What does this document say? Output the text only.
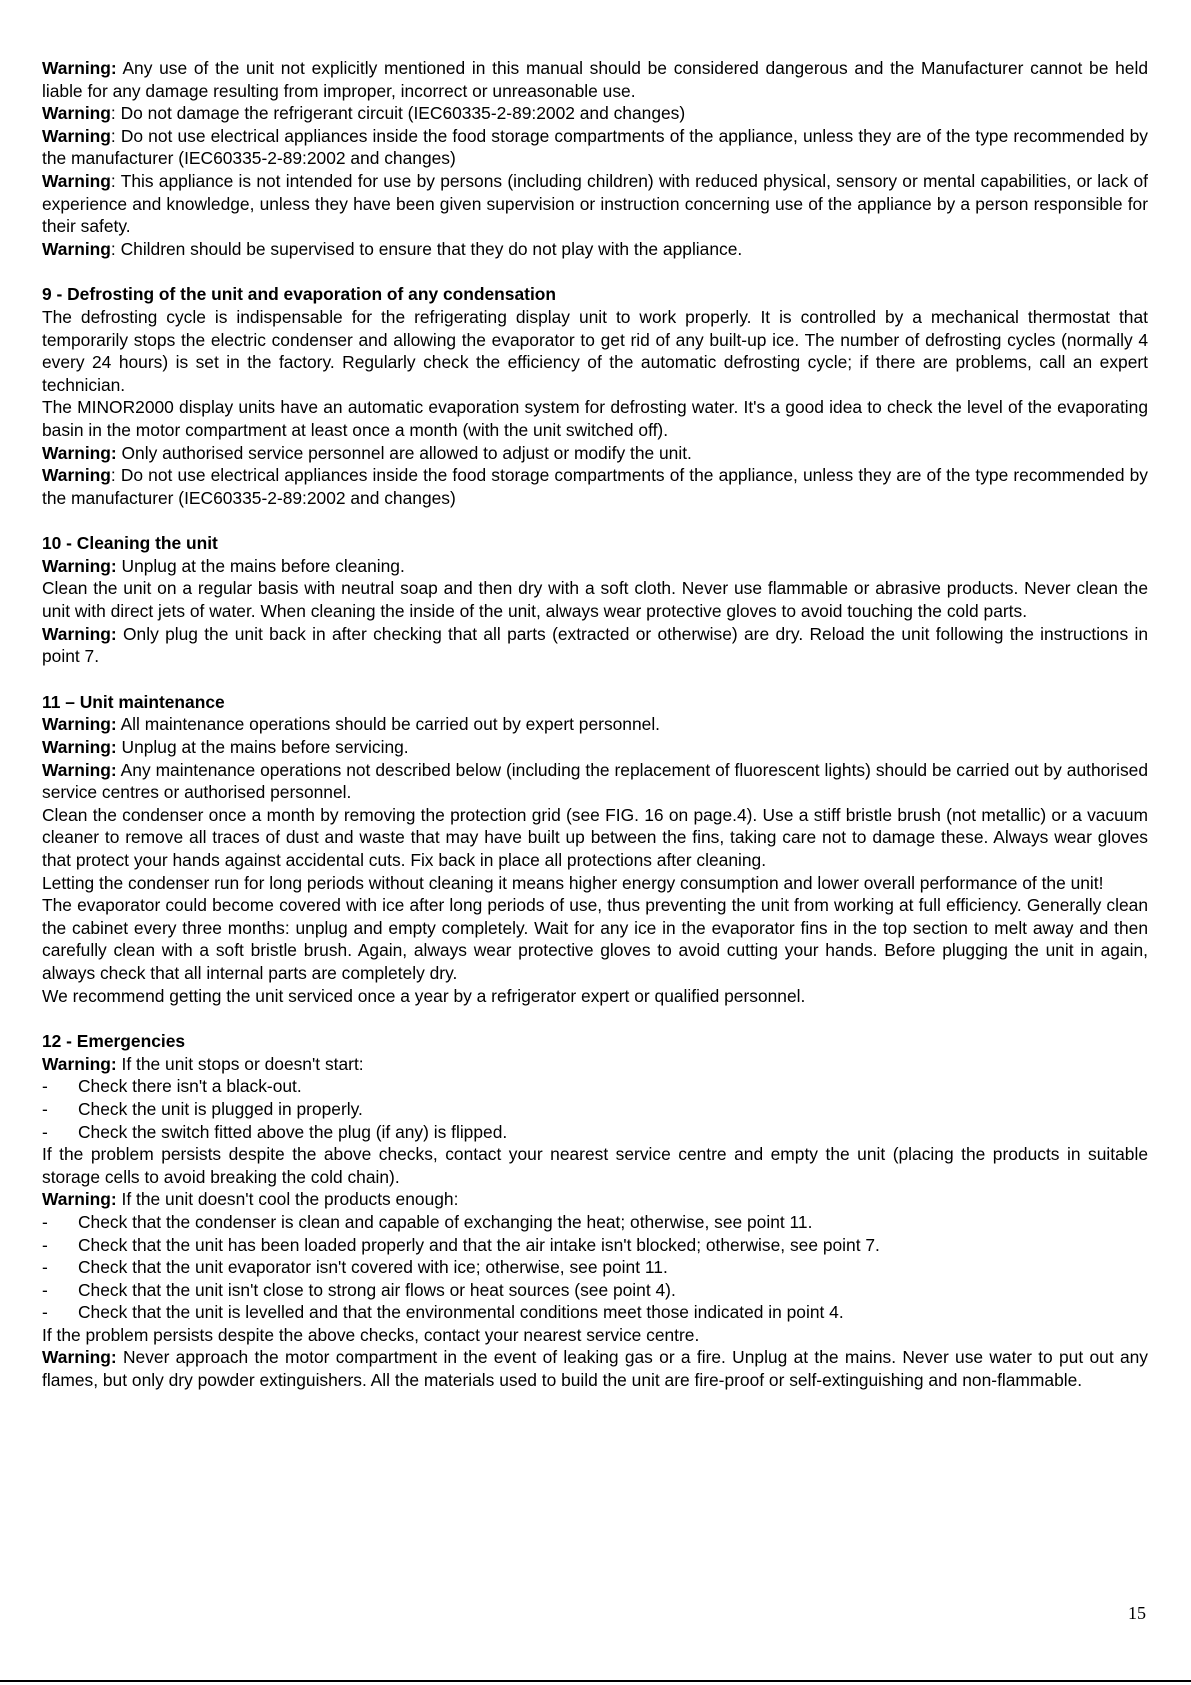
Warning: Any use of the unit not explicitly mentioned in this manual should be considered dangerous and the Manufacturer cannot be held liable for any damage resulting from improper, incorrect or unreasonable use.

Warning: Do not damage the refrigerant circuit (IEC60335-2-89:2002 and changes)

Warning: Do not use electrical appliances inside the food storage compartments of the appliance, unless they are of the type recommended by the manufacturer (IEC60335-2-89:2002 and changes)

Warning: This appliance is not intended for use by persons (including children) with reduced physical, sensory or mental capabilities, or lack of experience and knowledge, unless they have been given supervision or instruction concerning use of the appliance by a person responsible for their safety.

Warning: Children should be supervised to ensure that they do not play with the appliance.

9 - Defrosting of the unit and evaporation of any condensation

The defrosting cycle is indispensable for the refrigerating display unit to work properly. It is controlled by a mechanical thermostat that temporarily stops the electric condenser and allowing the evaporator to get rid of any built-up ice. The number of defrosting cycles (normally 4 every 24 hours) is set in the factory. Regularly check the efficiency of the automatic defrosting cycle; if there are problems, call an expert technician.

The MINOR2000 display units have an automatic evaporation system for defrosting water. It's a good idea to check the level of the evaporating basin in the motor compartment at least once a month (with the unit switched off).

Warning: Only authorised service personnel are allowed to adjust or modify the unit.

Warning: Do not use electrical appliances inside the food storage compartments of the appliance, unless they are of the type recommended by the manufacturer (IEC60335-2-89:2002 and changes)

10 - Cleaning the unit

Warning: Unplug at the mains before cleaning.

Clean the unit on a regular basis with neutral soap and then dry with a soft cloth. Never use flammable or abrasive products. Never clean the unit with direct jets of water. When cleaning the inside of the unit, always wear protective gloves to avoid touching the cold parts.

Warning: Only plug the unit back in after checking that all parts (extracted or otherwise) are dry. Reload the unit following the instructions in point 7.

11 – Unit maintenance

Warning: All maintenance operations should be carried out by expert personnel.

Warning: Unplug at the mains before servicing.

Warning: Any maintenance operations not described below (including the replacement of fluorescent lights) should be carried out by authorised service centres or authorised personnel.

Clean the condenser once a month by removing the protection grid (see FIG. 16 on page.4). Use a stiff bristle brush (not metallic) or a vacuum cleaner to remove all traces of dust and waste that may have built up between the fins, taking care not to damage these. Always wear gloves that protect your hands against accidental cuts. Fix back in place all protections after cleaning.

Letting the condenser run for long periods without cleaning it means higher energy consumption and lower overall performance of the unit!

The evaporator could become covered with ice after long periods of use, thus preventing the unit from working at full efficiency. Generally clean the cabinet every three months: unplug and empty completely. Wait for any ice in the evaporator fins in the top section to melt away and then carefully clean with a soft bristle brush. Again, always wear protective gloves to avoid cutting your hands. Before plugging the unit in again, always check that all internal parts are completely dry.

We recommend getting the unit serviced once a year by a refrigerator expert or qualified personnel.

12 - Emergencies

Warning: If the unit stops or doesn't start:

-	Check there isn't a black-out.
-	Check the unit is plugged in properly.
-	Check the switch fitted above the plug (if any) is flipped.

If the problem persists despite the above checks, contact your nearest service centre and empty the unit (placing the products in suitable storage cells to avoid breaking the cold chain).

Warning: If the unit doesn't cool the products enough:

-	Check that the condenser is clean and capable of exchanging the heat; otherwise, see point 11.
-	Check that the unit has been loaded properly and that the air intake isn't blocked; otherwise, see point 7.
-	Check that the unit evaporator isn't covered with ice; otherwise, see point 11.
-	Check that the unit isn't close to strong air flows or heat sources (see point 4).
-	Check that the unit is levelled and that the environmental conditions meet those indicated in point 4.

If the problem persists despite the above checks, contact your nearest service centre.

Warning: Never approach the motor compartment in the event of leaking gas or a fire. Unplug at the mains. Never use water to put out any flames, but only dry powder extinguishers. All the materials used to build the unit are fire-proof or self-extinguishing and non-flammable.

15
